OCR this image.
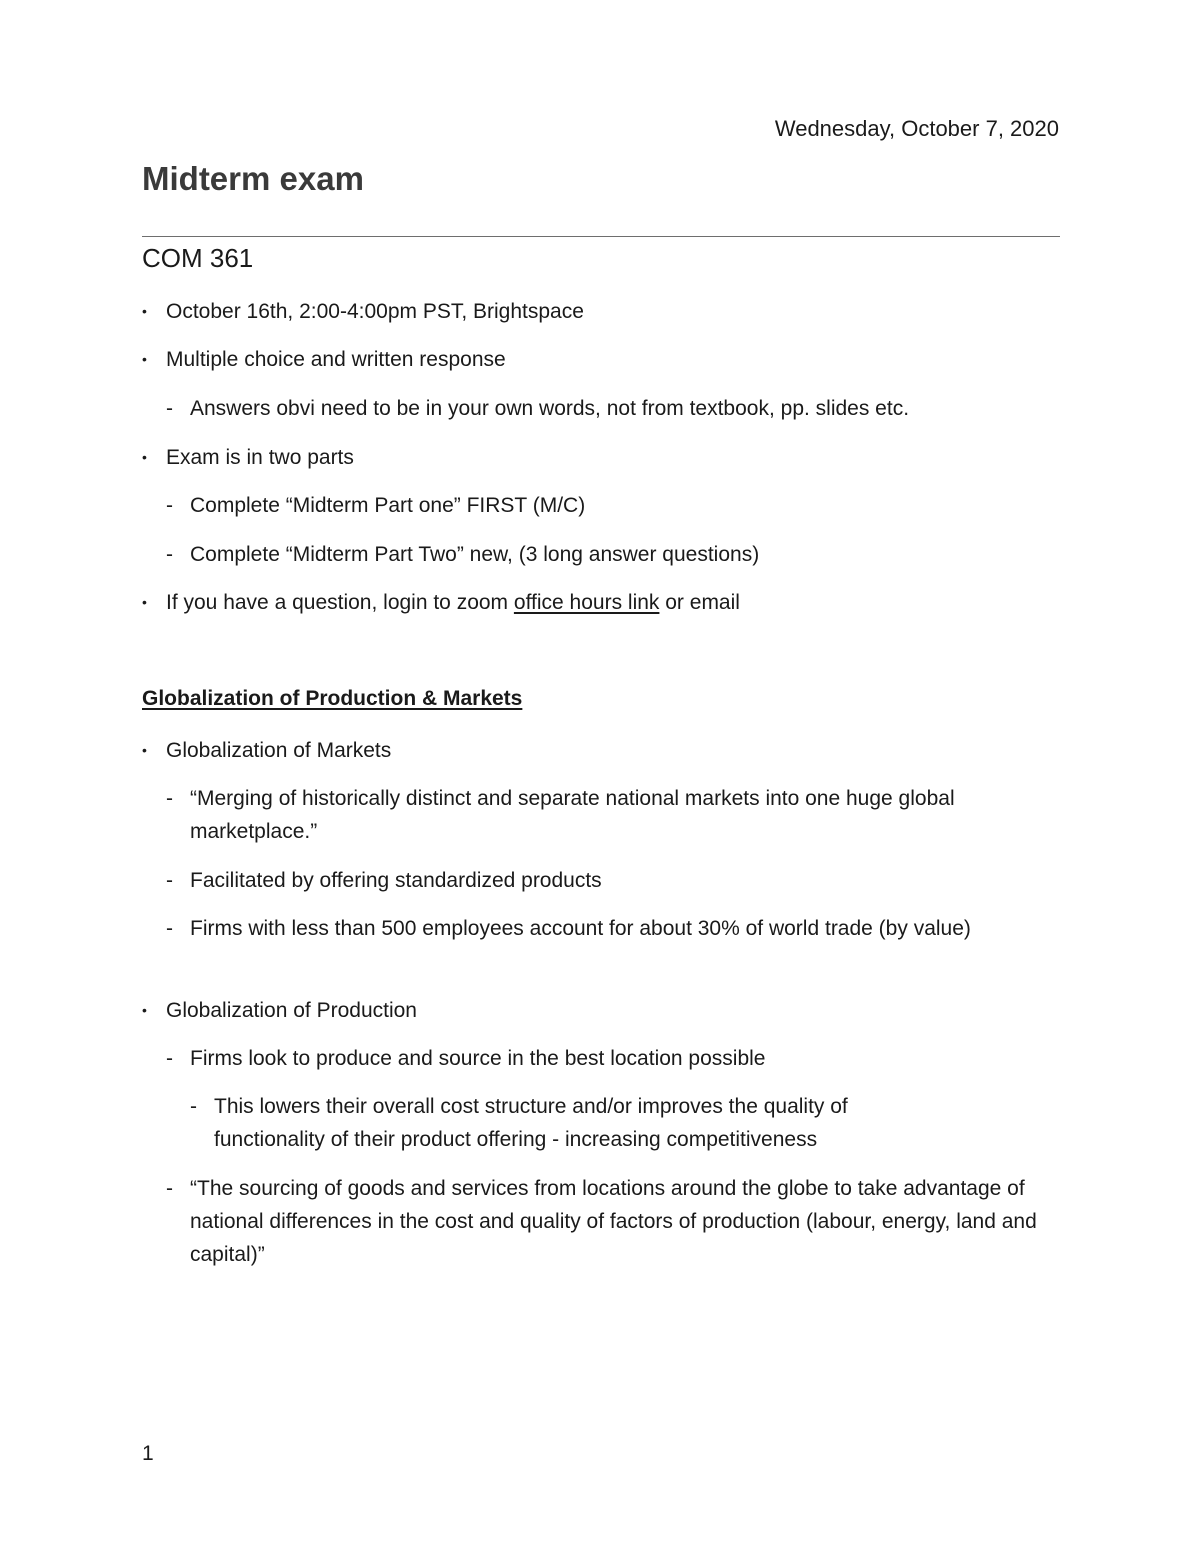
Wednesday, October 7, 2020
Midterm exam
COM 361
• October 16th, 2:00-4:00pm PST, Brightspace
• Multiple choice and written response
- Answers obvi need to be in your own words, not from textbook, pp. slides etc.
• Exam is in two parts
- Complete “Midterm Part one” FIRST (M/C)
- Complete “Midterm Part Two” new, (3 long answer questions)
• If you have a question, login to zoom office hours link or email
Globalization of Production & Markets
• Globalization of Markets
- “Merging of historically distinct and separate national markets into one huge global marketplace.”
- Facilitated by offering standardized products
- Firms with less than 500 employees account for about 30% of world trade (by value)
• Globalization of Production
- Firms look to produce and source in the best location possible
- This lowers their overall cost structure and/or improves the quality of functionality of their product offering - increasing competitiveness
- “The sourcing of goods and services from locations around the globe to take advantage of national differences in the cost and quality of factors of production (labour, energy, land and capital)”
1
